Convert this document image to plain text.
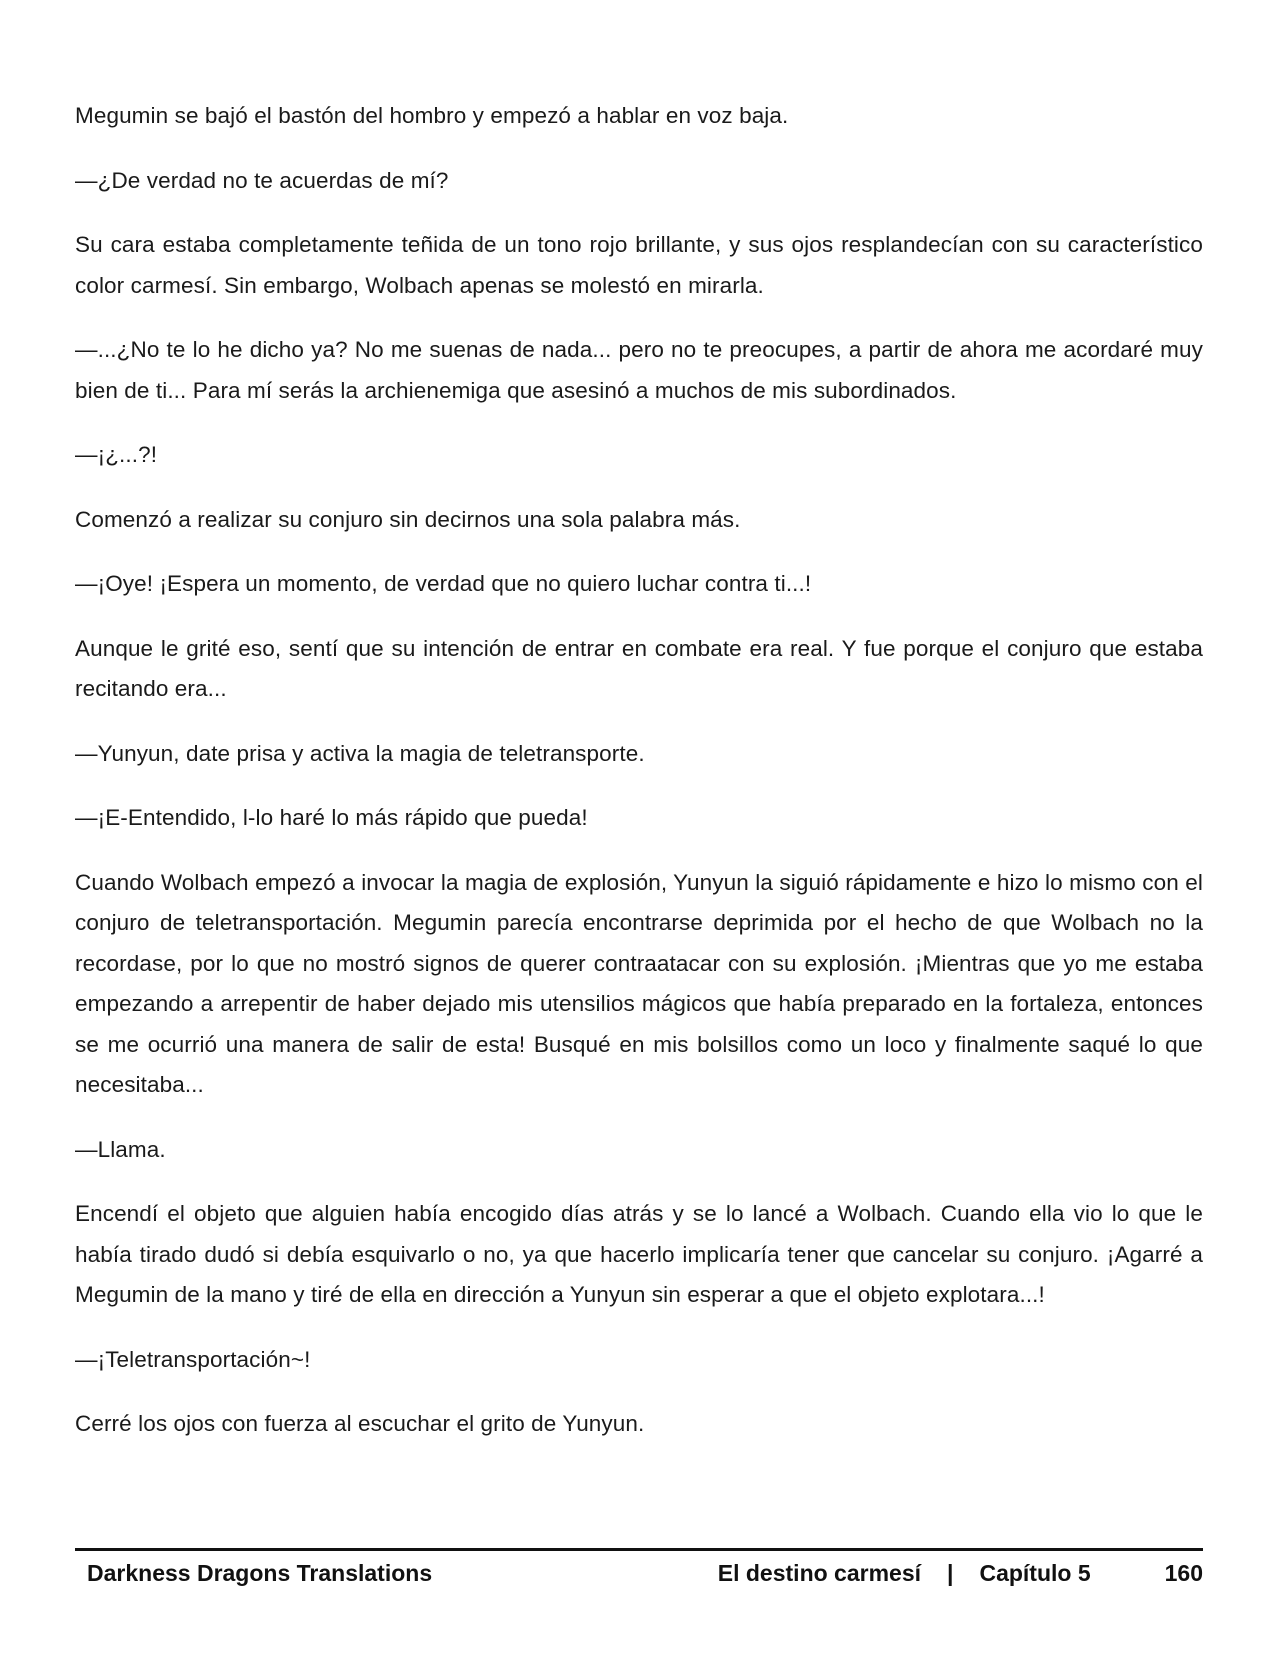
Megumin se bajó el bastón del hombro y empezó a hablar en voz baja.

—¿De verdad no te acuerdas de mí?

Su cara estaba completamente teñida de un tono rojo brillante, y sus ojos resplandecían con su característico color carmesí. Sin embargo, Wolbach apenas se molestó en mirarla.

—...¿No te lo he dicho ya? No me suenas de nada... pero no te preocupes, a partir de ahora me acordaré muy bien de ti... Para mí serás la archienemiga que asesinó a muchos de mis subordinados.

—¡¿...?!

Comenzó a realizar su conjuro sin decirnos una sola palabra más.

—¡Oye! ¡Espera un momento, de verdad que no quiero luchar contra ti...!

Aunque le grité eso, sentí que su intención de entrar en combate era real. Y fue porque el conjuro que estaba recitando era...

—Yunyun, date prisa y activa la magia de teletransporte.

—¡E-Entendido, l-lo haré lo más rápido que pueda!

Cuando Wolbach empezó a invocar la magia de explosión, Yunyun la siguió rápidamente e hizo lo mismo con el conjuro de teletransportación. Megumin parecía encontrarse deprimida por el hecho de que Wolbach no la recordase, por lo que no mostró signos de querer contraatacar con su explosión. ¡Mientras que yo me estaba empezando a arrepentir de haber dejado mis utensilios mágicos que había preparado en la fortaleza, entonces se me ocurrió una manera de salir de esta! Busqué en mis bolsillos como un loco y finalmente saqué lo que necesitaba...

—Llama.

Encendí el objeto que alguien había encogido días atrás y se lo lancé a Wolbach. Cuando ella vio lo que le había tirado dudó si debía esquivarlo o no, ya que hacerlo implicaría tener que cancelar su conjuro. ¡Agarré a Megumin de la mano y tiré de ella en dirección a Yunyun sin esperar a que el objeto explotara...!

—¡Teletransportación~!

Cerré los ojos con fuerza al escuchar el grito de Yunyun.

Darkness Dragons Translations	El destino carmesí | Capítulo 5	160
